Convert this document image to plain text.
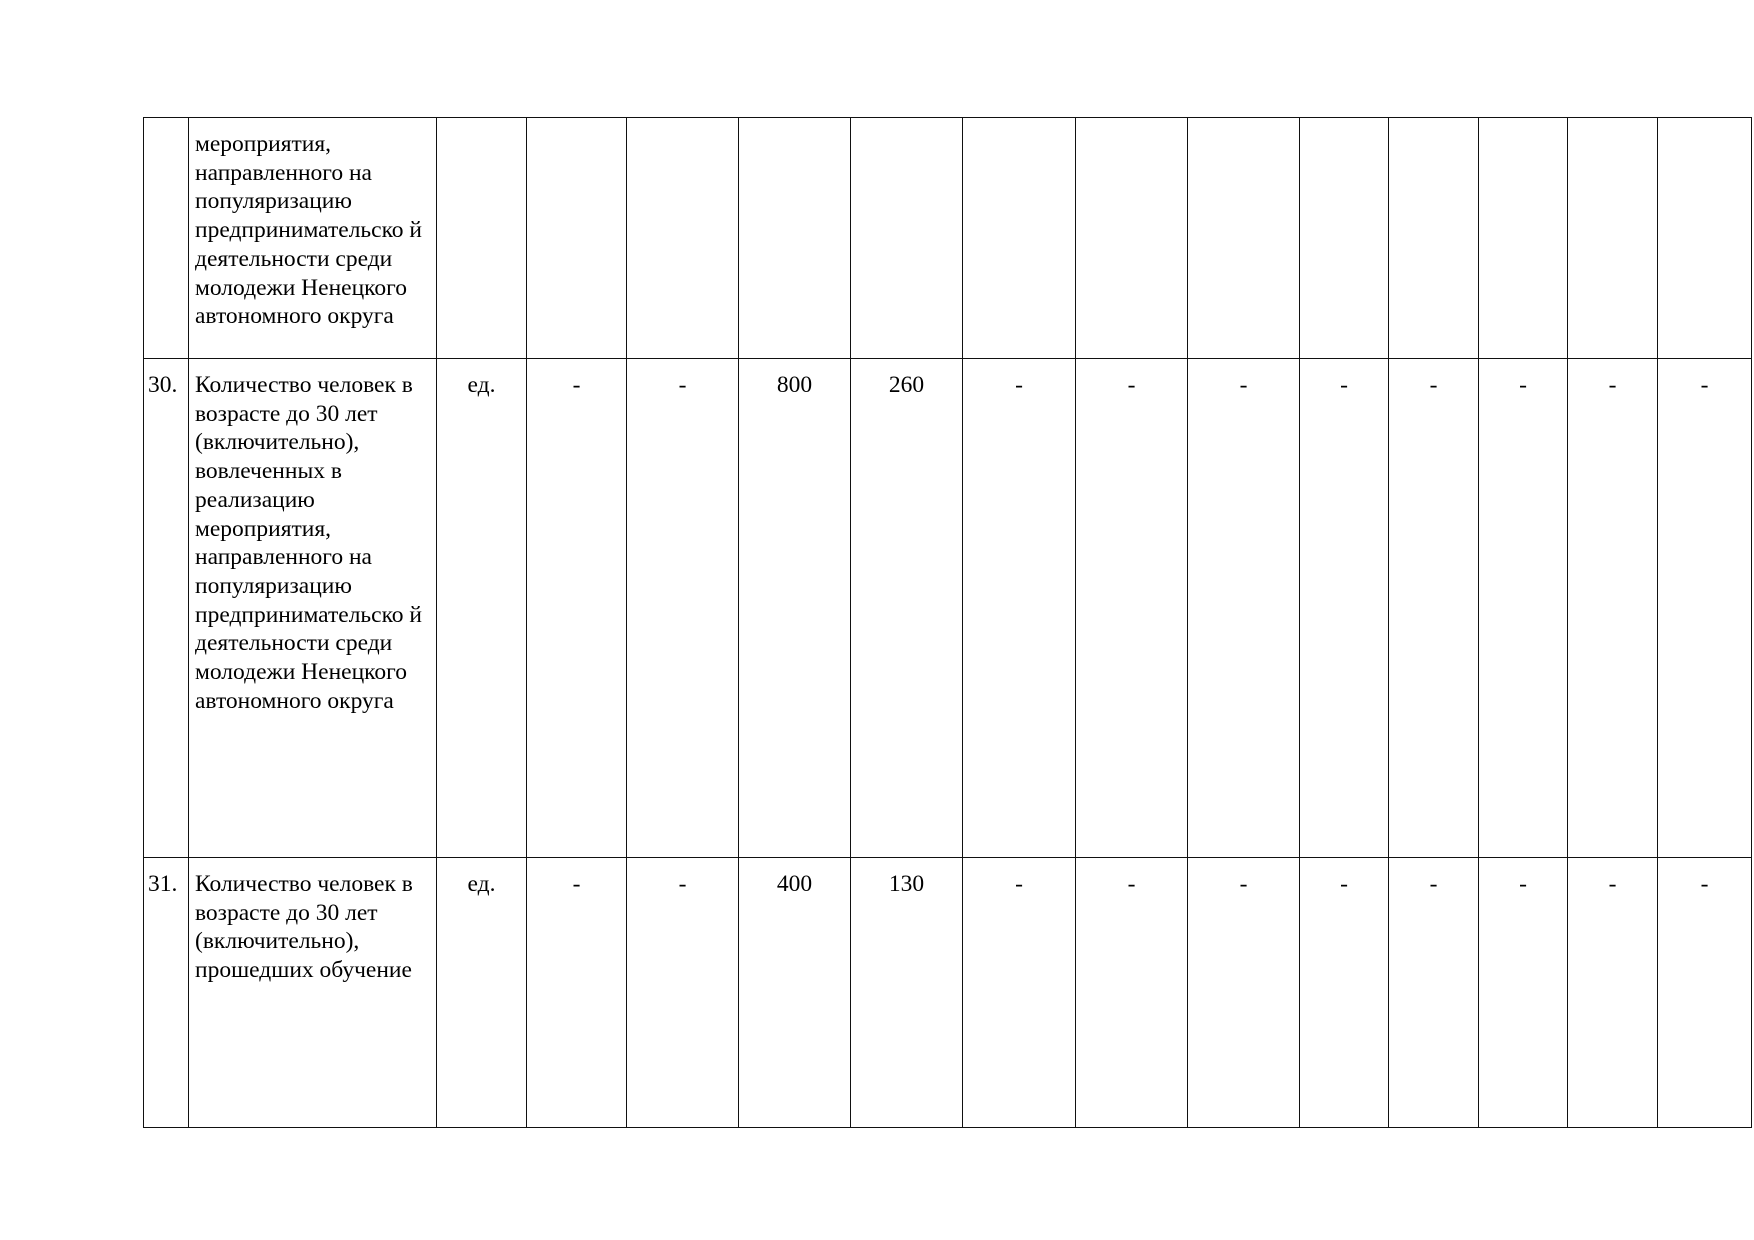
	мероприятия, направленного на популяризацию предпринимательско й деятельности среди молодежи Ненецкого автономного округа													
30.	Количество человек в возрасте до 30 лет (включительно), вовлеченных в реализацию мероприятия, направленного на популяризацию предпринимательско й деятельности среди молодежи Ненецкого автономного округа	ед.	-	-	800	260	-	-	-	-	-	-	-	-
31.	Количество человек в возрасте до 30 лет (включительно), прошедших обучение	ед.	-	-	400	130	-	-	-	-	-	-	-	-
